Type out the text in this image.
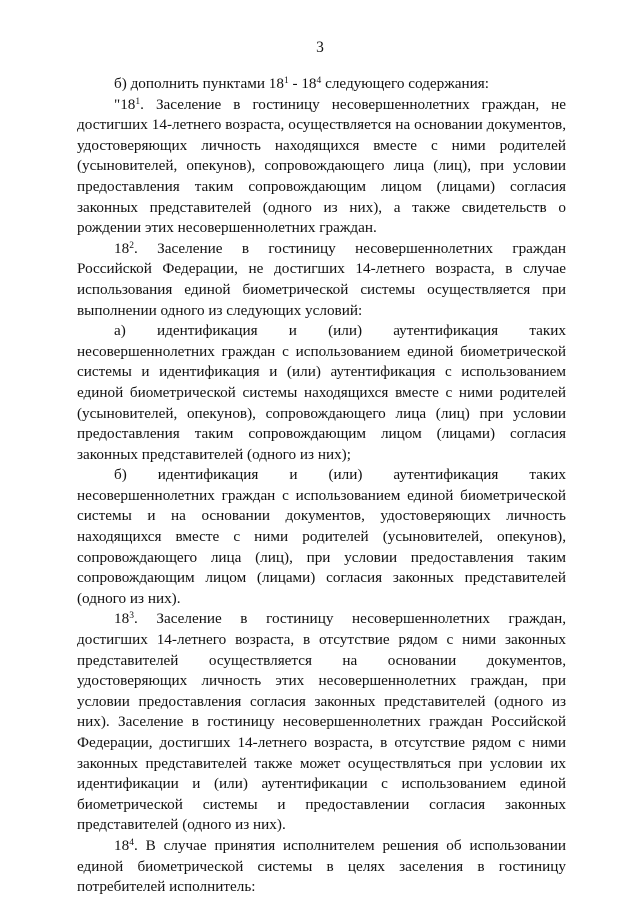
3

б) дополнить пунктами $18^1 - 18^4$ следующего содержания:

"$18^1$. Заселение в гостиницу несовершеннолетних граждан, не достигших 14-летнего возраста, осуществляется на основании документов, удостоверяющих личность находящихся вместе с ними родителей (усыновителей, опекунов), сопровождающего лица (лиц), при условии предоставления таким сопровождающим лицом (лицами) согласия законных представителей (одного из них), а также свидетельств о рождении этих несовершеннолетних граждан.

$18^2$. Заселение в гостиницу несовершеннолетних граждан Российской Федерации, не достигших 14-летнего возраста, в случае использования единой биометрической системы осуществляется при выполнении одного из следующих условий:

а) идентификация и (или) аутентификация таких несовершеннолетних граждан с использованием единой биометрической системы и идентификация и (или) аутентификация с использованием единой биометрической системы находящихся вместе с ними родителей (усыновителей, опекунов), сопровождающего лица (лиц) при условии предоставления таким сопровождающим лицом (лицами) согласия законных представителей (одного из них);

б) идентификация и (или) аутентификация таких несовершеннолетних граждан с использованием единой биометрической системы и на основании документов, удостоверяющих личность находящихся вместе с ними родителей (усыновителей, опекунов), сопровождающего лица (лиц), при условии предоставления таким сопровождающим лицом (лицами) согласия законных представителей (одного из них).

$18^3$. Заселение в гостиницу несовершеннолетних граждан, достигших 14-летнего возраста, в отсутствие рядом с ними законных представителей осуществляется на основании документов, удостоверяющих личность этих несовершеннолетних граждан, при условии предоставления согласия законных представителей (одного из них). Заселение в гостиницу несовершеннолетних граждан Российской Федерации, достигших 14-летнего возраста, в отсутствие рядом с ними законных представителей также может осуществляться при условии их идентификации и (или) аутентификации с использованием единой биометрической системы и предоставлении согласия законных представителей (одного из них).

$18^4$. В случае принятия исполнителем решения об использовании единой биометрической системы в целях заселения в гостиницу потребителей исполнитель:
